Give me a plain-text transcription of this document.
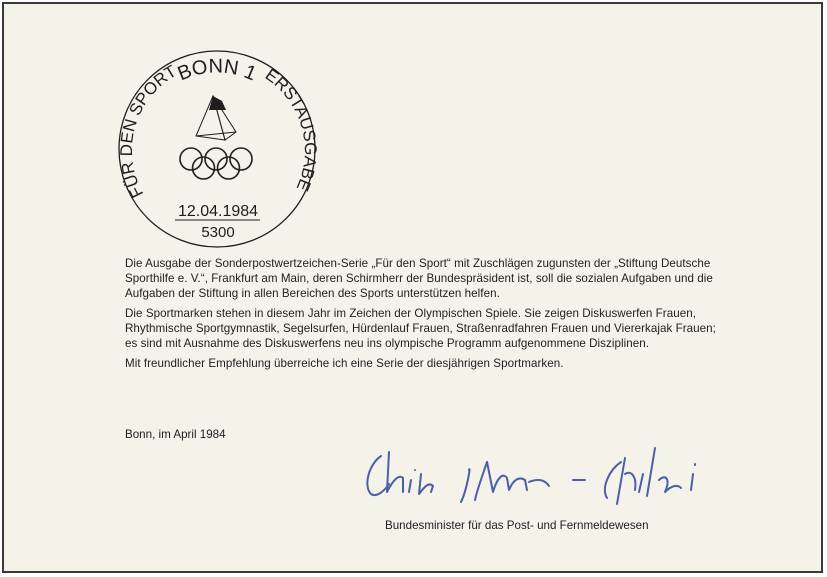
FÜR DEN SPORT
BONN 1 ERSTAUSGABE
12.04.1984
5300

Die Ausgabe der Sonderpostwertzeichen-Serie „Für den Sport“ mit Zuschlägen zugunsten der „Stiftung Deutsche Sporthilfe e. V.“, Frankfurt am Main, deren Schirmherr der Bundespräsident ist, soll die sozialen Aufgaben und die Aufgaben der Stiftung in allen Bereichen des Sports unterstützen helfen.

Die Sportmarken stehen in diesem Jahr im Zeichen der Olympischen Spiele. Sie zeigen Diskuswerfen Frauen, Rhythmische Sportgymnastik, Segelsurfen, Hürdenlauf Frauen, Straßenradfahren Frauen und Viererkajak Frauen; es sind mit Ausnahme des Diskuswerfens neu ins olympische Programm aufgenommene Disziplinen.

Mit freundlicher Empfehlung überreiche ich eine Serie der diesjährigen Sportmarken.

Bonn, im April 1984
Bundesminister für das Post- und Fernmeldewesen
